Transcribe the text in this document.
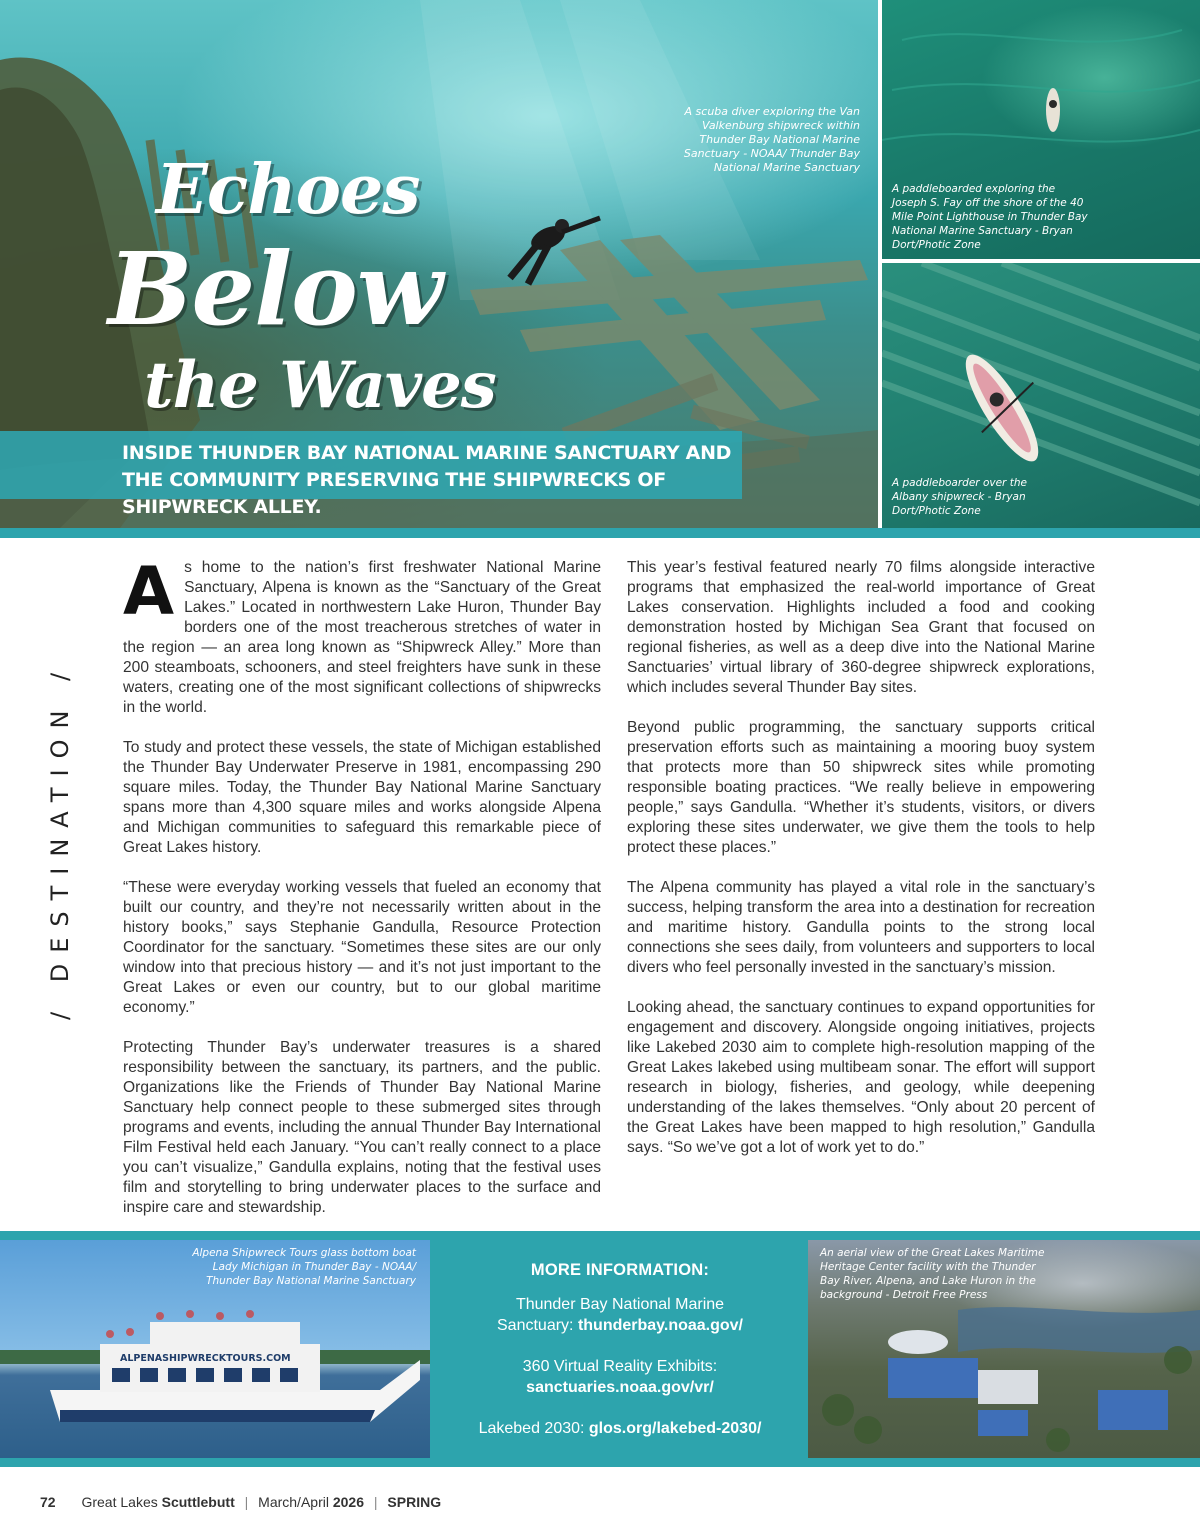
Echoes
Below
the Waves
A scuba diver exploring the Van Valkenburg shipwreck within Thunder Bay National Marine Sanctuary - NOAA/ Thunder Bay National Marine Sanctuary
INSIDE THUNDER BAY NATIONAL MARINE SANCTUARY AND THE COMMUNITY PRESERVING THE SHIPWRECKS OF SHIPWRECK ALLEY.
A paddleboarded exploring the Joseph S. Fay off the shore of the 40 Mile Point Lighthouse in Thunder Bay National Marine Sanctuary - Bryan Dort/Photic Zone
A paddleboarder over the Albany shipwreck - Bryan Dort/Photic Zone
/ DESTINATION /

As home to the nation’s first freshwater National Marine Sanctuary, Alpena is known as the “Sanctuary of the Great Lakes.” Located in northwestern Lake Huron, Thunder Bay borders one of the most treacherous stretches of water in the region — an area long known as “Shipwreck Alley.” More than 200 steamboats, schooners, and steel freighters have sunk in these waters, creating one of the most significant collections of shipwrecks in the world.

To study and protect these vessels, the state of Michigan established the Thunder Bay Underwater Preserve in 1981, encompassing 290 square miles. Today, the Thunder Bay National Marine Sanctuary spans more than 4,300 square miles and works alongside Alpena and Michigan communities to safeguard this remarkable piece of Great Lakes history.

“These were everyday working vessels that fueled an economy that built our country, and they’re not necessarily written about in the history books,” says Stephanie Gandulla, Resource Protection Coordinator for the sanctuary. “Sometimes these sites are our only window into that precious history — and it’s not just important to the Great Lakes or even our country, but to our global maritime economy.”

Protecting Thunder Bay’s underwater treasures is a shared responsibility between the sanctuary, its partners, and the public. Organizations like the Friends of Thunder Bay National Marine Sanctuary help connect people to these submerged sites through programs and events, including the annual Thunder Bay International Film Festival held each January. “You can’t really connect to a place you can’t visualize,” Gandulla explains, noting that the festival uses film and storytelling to bring underwater places to the surface and inspire care and stewardship.

This year’s festival featured nearly 70 films alongside interactive programs that emphasized the real-world importance of Great Lakes conservation. Highlights included a food and cooking demonstration hosted by Michigan Sea Grant that focused on regional fisheries, as well as a deep dive into the National Marine Sanctuaries’ virtual library of 360-degree shipwreck explorations, which includes several Thunder Bay sites.

Beyond public programming, the sanctuary supports critical preservation efforts such as maintaining a mooring buoy system that protects more than 50 shipwreck sites while promoting responsible boating practices. “We really believe in empowering people,” says Gandulla. “Whether it’s students, visitors, or divers exploring these sites underwater, we give them the tools to help protect these places.”

The Alpena community has played a vital role in the sanctuary’s success, helping transform the area into a destination for recreation and maritime history. Gandulla points to the strong local connections she sees daily, from volunteers and supporters to local divers who feel personally invested in the sanctuary’s mission.

Looking ahead, the sanctuary continues to expand opportunities for engagement and discovery. Alongside ongoing initiatives, projects like Lakebed 2030 aim to complete high-resolution mapping of the Great Lakes lakebed using multibeam sonar. The effort will support research in biology, fisheries, and geology, while deepening understanding of the lakes themselves. “Only about 20 percent of the Great Lakes have been mapped to high resolution,” Gandulla says. “So we’ve got a lot of work yet to do.”

ALPENASHIPWRECKTOURS.COM
Alpena Shipwreck Tours glass bottom boat Lady Michigan in Thunder Bay - NOAA/ Thunder Bay National Marine Sanctuary
MORE INFORMATION:
Thunder Bay National Marine
Sanctuary: thunderbay.noaa.gov/
360 Virtual Reality Exhibits:
sanctuaries.noaa.gov/vr/
Lakebed 2030: glos.org/lakebed-2030/
An aerial view of the Great Lakes Maritime Heritage Center facility with the Thunder Bay River, Alpena, and Lake Huron in the background - Detroit Free Press
72 Great Lakes Scuttlebutt | March/April 2026 | SPRING
